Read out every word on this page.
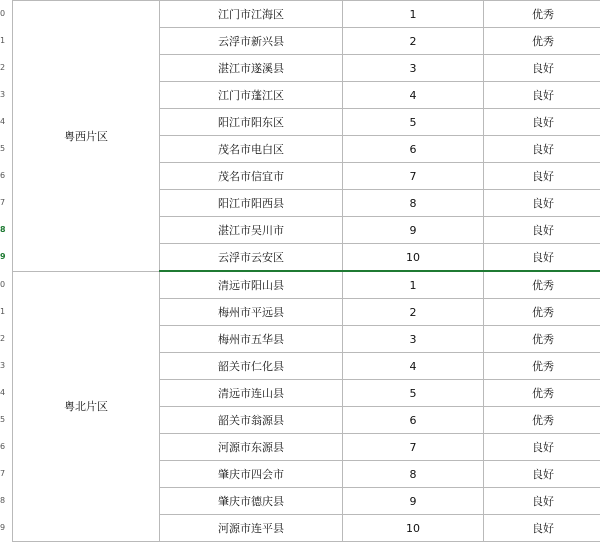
0
1
2
3
4
5
6
7
8
9
0
1
2
3
4
5
6
7
8
9
粤西片区	江门市江海区	1	优秀
	云浮市新兴县	2	优秀
	湛江市遂溪县	3	良好
	江门市蓬江区	4	良好
	阳江市阳东区	5	良好
	茂名市电白区	6	良好
	茂名市信宜市	7	良好
	阳江市阳西县	8	良好
	湛江市吴川市	9	良好
	云浮市云安区	10	良好
粤北片区	清远市阳山县	1	优秀
	梅州市平远县	2	优秀
	梅州市五华县	3	优秀
	韶关市仁化县	4	优秀
	清远市连山县	5	优秀
	韶关市翁源县	6	优秀
	河源市东源县	7	良好
	肇庆市四会市	8	良好
	肇庆市德庆县	9	良好
	河源市连平县	10	良好
